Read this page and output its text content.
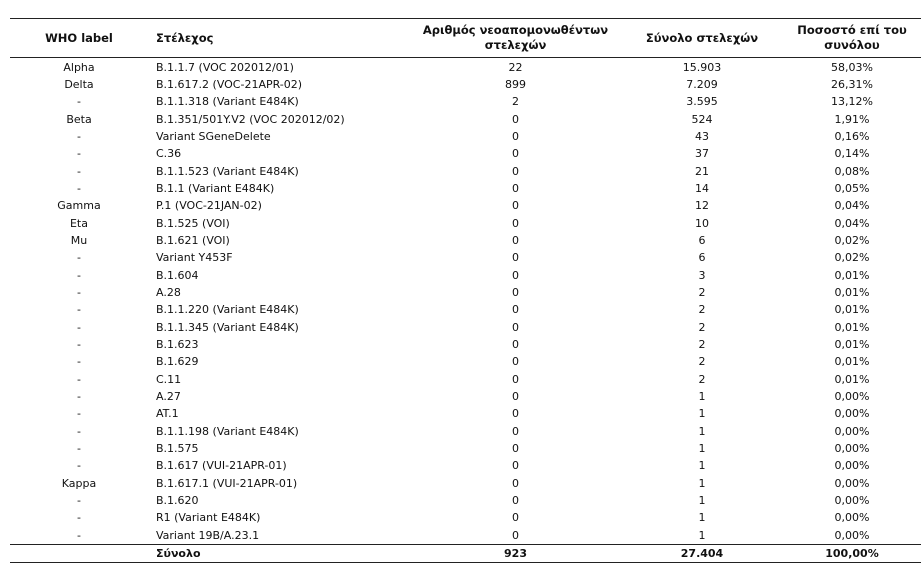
WHO label	Στέλεχος	Αριθμός νεοαπομονωθέντων στελεχών	Σύνολο στελεχών	Ποσοστό επί του συνόλου
Alpha	B.1.1.7 (VOC 202012/01)	22	15.903	58,03%
Delta	B.1.617.2 (VOC-21APR-02)	899	7.209	26,31%
-	B.1.1.318 (Variant E484K)	2	3.595	13,12%
Beta	B.1.351/501Y.V2 (VOC 202012/02)	0	524	1,91%
-	Variant SGeneDelete	0	43	0,16%
-	C.36	0	37	0,14%
-	B.1.1.523 (Variant E484K)	0	21	0,08%
-	B.1.1 (Variant E484K)	0	14	0,05%
Gamma	P.1 (VOC-21JAN-02)	0	12	0,04%
Eta	B.1.525 (VOI)	0	10	0,04%
Mu	B.1.621 (VOI)	0	6	0,02%
-	Variant Y453F	0	6	0,02%
-	B.1.604	0	3	0,01%
-	A.28	0	2	0,01%
-	B.1.1.220 (Variant E484K)	0	2	0,01%
-	B.1.1.345 (Variant E484K)	0	2	0,01%
-	B.1.623	0	2	0,01%
-	B.1.629	0	2	0,01%
-	C.11	0	2	0,01%
-	A.27	0	1	0,00%
-	AT.1	0	1	0,00%
-	B.1.1.198 (Variant E484K)	0	1	0,00%
-	B.1.575	0	1	0,00%
-	B.1.617 (VUI-21APR-01)	0	1	0,00%
Kappa	B.1.617.1 (VUI-21APR-01)	0	1	0,00%
-	B.1.620	0	1	0,00%
-	R1 (Variant E484K)	0	1	0,00%
-	Variant 19B/A.23.1	0	1	0,00%
	Σύνολο	923	27.404	100,00%
